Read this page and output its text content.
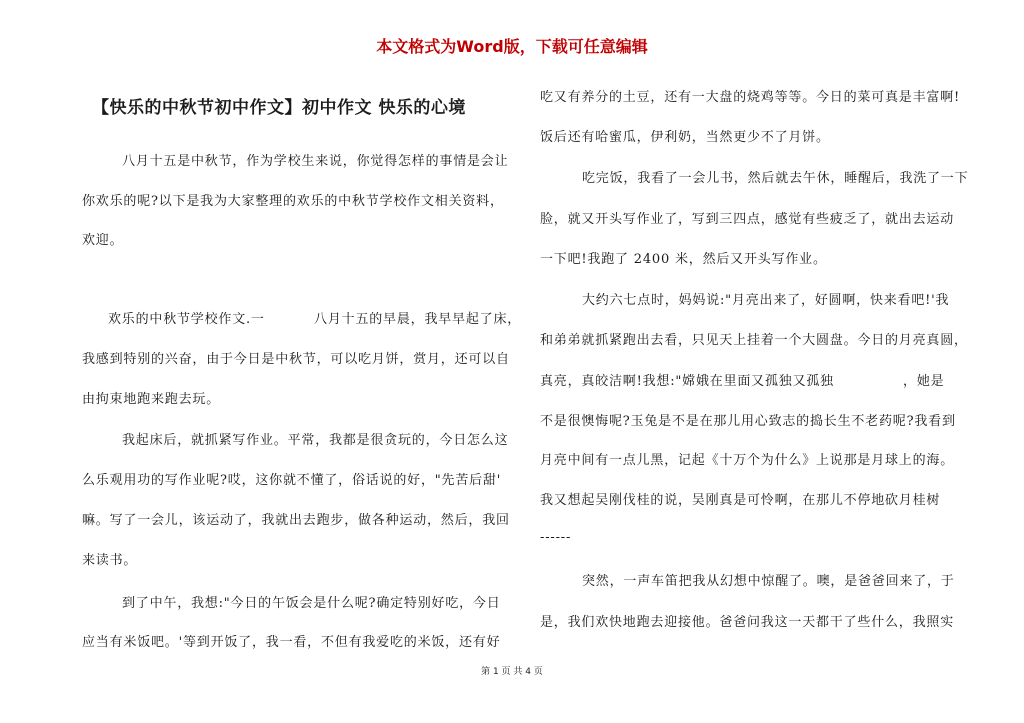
本文格式为Word版，下载可任意编辑
【快乐的中秋节初中作文】初中作文 快乐的心境
八月十五是中秋节，作为学校生来说，你觉得怎样的事情是会让
你欢乐的呢?以下是我为大家整理的欢乐的中秋节学校作文相关资料，
欢迎。
欢乐的中秋节学校作文.一          八月十五的早晨，我早早起了床，
我感到特别的兴奋，由于今日是中秋节，可以吃月饼，赏月，还可以自
由拘束地跑来跑去玩。
我起床后，就抓紧写作业。平常，我都是很贪玩的，今日怎么这
么乐观用功的写作业呢?哎，这你就不懂了，俗话说的好，"先苦后甜'
嘛。写了一会儿，该运动了，我就出去跑步，做各种运动，然后，我回
来读书。
到了中午，我想:"今日的午饭会是什么呢?确定特别好吃，今日
应当有米饭吧。'等到开饭了，我一看，不但有我爱吃的米饭，还有好
吃又有养分的土豆，还有一大盘的烧鸡等等。今日的菜可真是丰富啊!
饭后还有哈蜜瓜，伊利奶，当然更少不了月饼。
吃完饭，我看了一会儿书，然后就去午休，睡醒后，我洗了一下
脸，就又开头写作业了，写到三四点，感觉有些疲乏了，就出去运动
一下吧!我跑了 2400 米，然后又开头写作业。
大约六七点时，妈妈说:"月亮出来了，好圆啊，快来看吧!'我
和弟弟就抓紧跑出去看，只见天上挂着一个大圆盘。今日的月亮真圆，
真亮，真皎洁啊!我想:"嫦娥在里面又孤独又孤独              ，她是
不是很懊悔呢?玉兔是不是在那儿用心致志的捣长生不老药呢?我看到
月亮中间有一点儿黑，记起《十万个为什么》上说那是月球上的海。
我又想起吴刚伐桂的说，吴刚真是可怜啊，在那儿不停地砍月桂树
------
突然，一声车笛把我从幻想中惊醒了。噢，是爸爸回来了，于
是，我们欢快地跑去迎接他。爸爸问我这一天都干了些什么，我照实
第 1 页 共 4 页
